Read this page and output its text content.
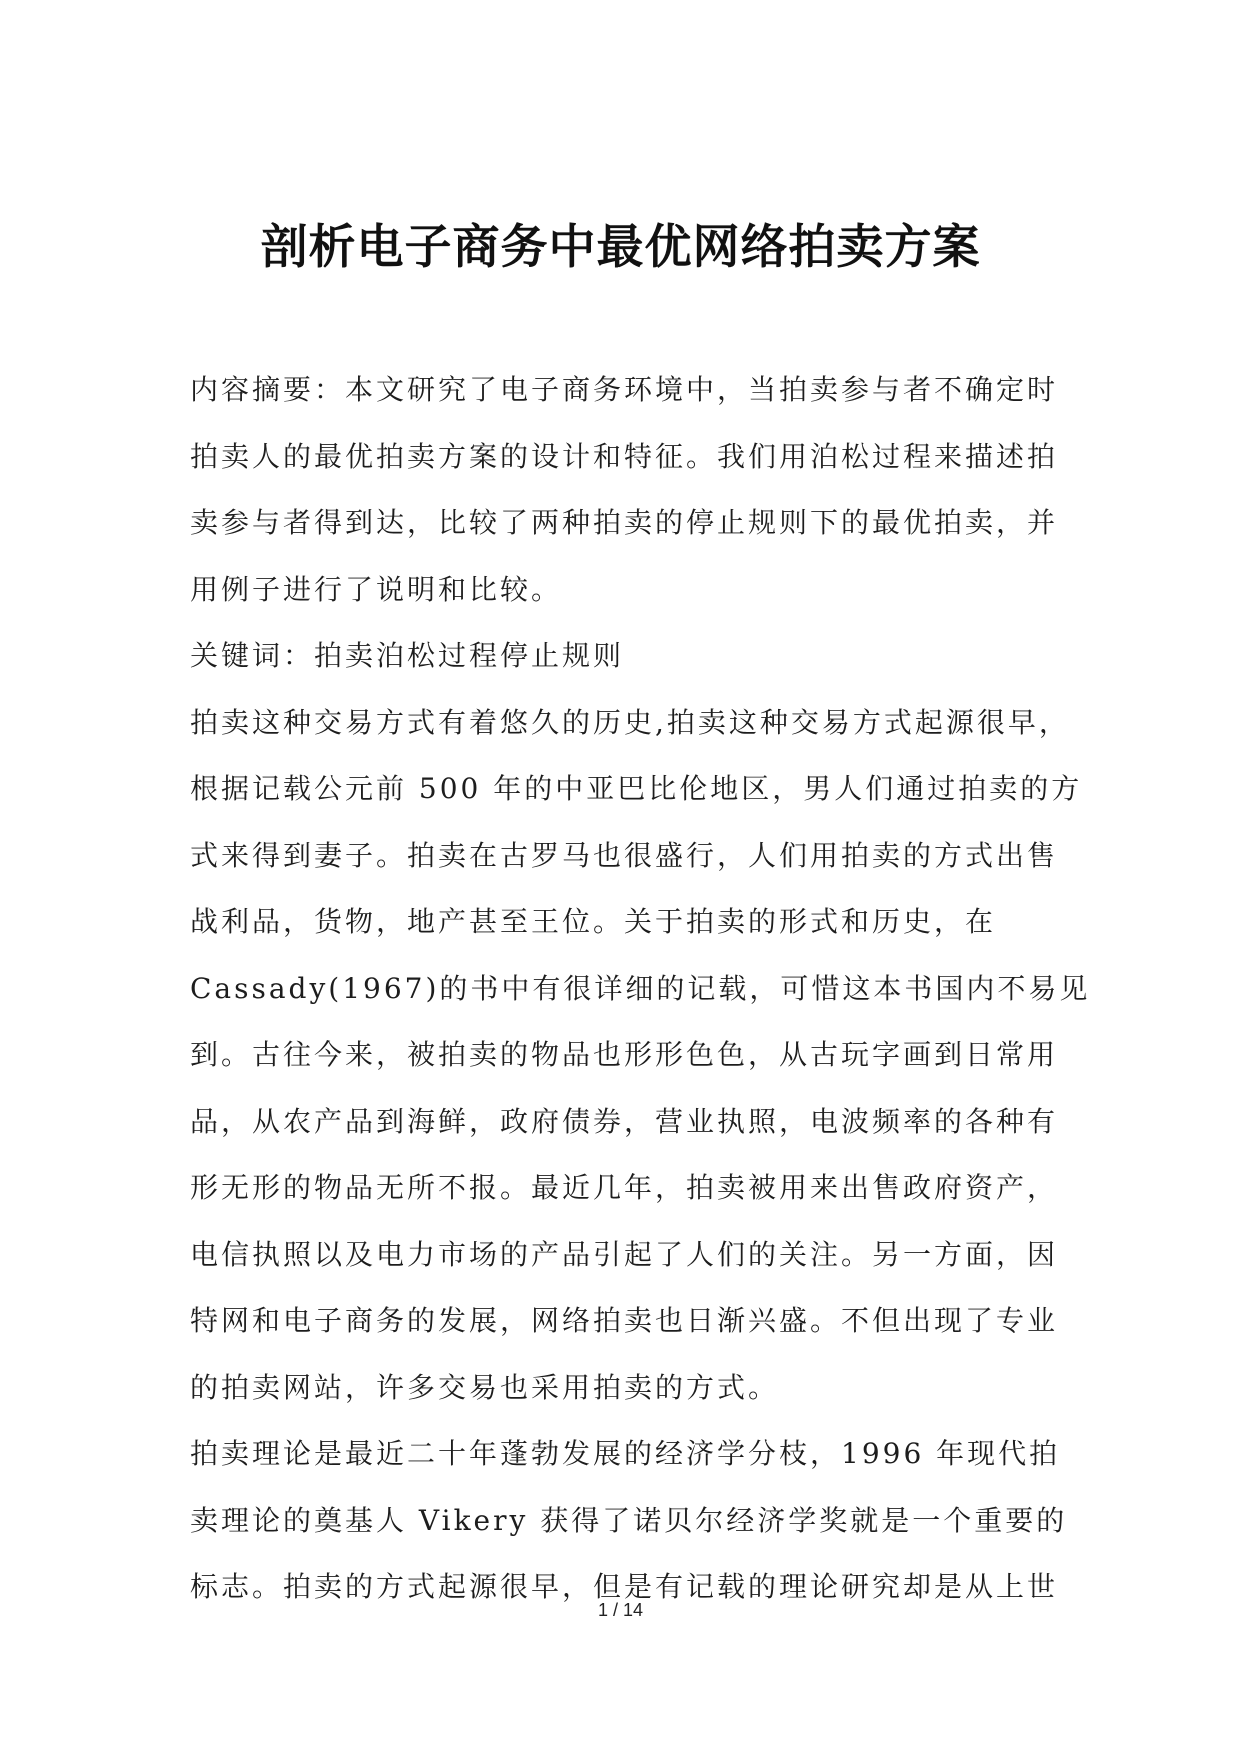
剖析电子商务中最优网络拍卖方案
内容摘要：本文研究了电子商务环境中，当拍卖参与者不确定时
拍卖人的最优拍卖方案的设计和特征。我们用泊松过程来描述拍
卖参与者得到达，比较了两种拍卖的停止规则下的最优拍卖，并
用例子进行了说明和比较。
关键词：拍卖泊松过程停止规则
拍卖这种交易方式有着悠久的历史,拍卖这种交易方式起源很早，
根据记载公元前 500 年的中亚巴比伦地区，男人们通过拍卖的方
式来得到妻子。拍卖在古罗马也很盛行，人们用拍卖的方式出售
战利品，货物，地产甚至王位。关于拍卖的形式和历史，在
Cassady(1967)的书中有很详细的记载，可惜这本书国内不易见
到。古往今来，被拍卖的物品也形形色色，从古玩字画到日常用
品，从农产品到海鲜，政府债券，营业执照，电波频率的各种有
形无形的物品无所不报。最近几年，拍卖被用来出售政府资产，
电信执照以及电力市场的产品引起了人们的关注。另一方面，因
特网和电子商务的发展，网络拍卖也日渐兴盛。不但出现了专业
的拍卖网站，许多交易也采用拍卖的方式。
拍卖理论是最近二十年蓬勃发展的经济学分枝，1996 年现代拍
卖理论的奠基人 Vikery 获得了诺贝尔经济学奖就是一个重要的
标志。拍卖的方式起源很早，但是有记载的理论研究却是从上世
1 / 14
